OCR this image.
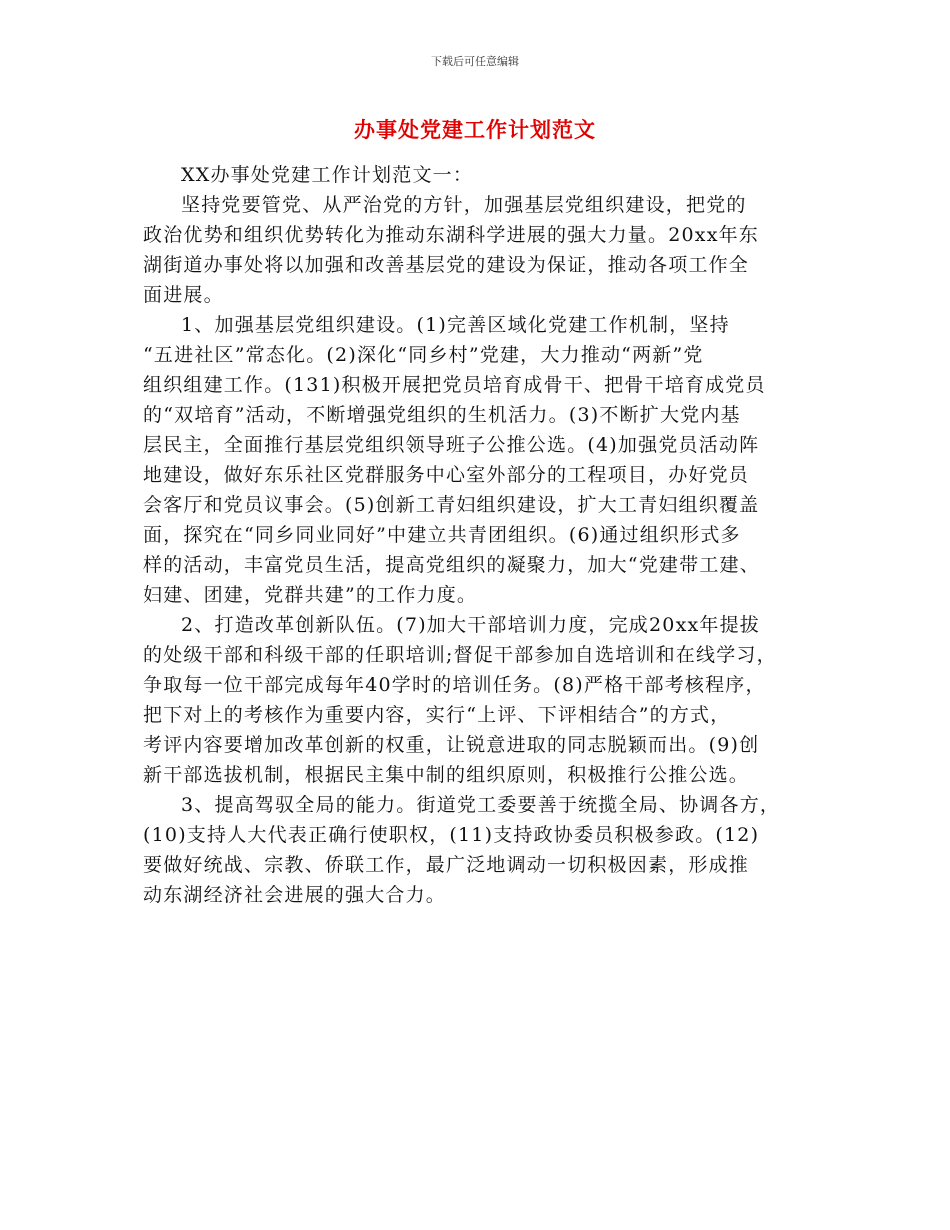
下载后可任意编辑
办事处党建工作计划范文
XX办事处党建工作计划范文一：
坚持党要管党、从严治党的方针，加强基层党组织建设，把党的
政治优势和组织优势转化为推动东湖科学进展的强大力量。20xx年东
湖街道办事处将以加强和改善基层党的建设为保证，推动各项工作全
面进展。
1、加强基层党组织建设。(1)完善区域化党建工作机制，坚持
“五进社区”常态化。(2)深化“同乡村”党建，大力推动“两新”党
组织组建工作。(131)积极开展把党员培育成骨干、把骨干培育成党员
的“双培育”活动，不断增强党组织的生机活力。(3)不断扩大党内基
层民主，全面推行基层党组织领导班子公推公选。(4)加强党员活动阵
地建设，做好东乐社区党群服务中心室外部分的工程项目，办好党员
会客厅和党员议事会。(5)创新工青妇组织建设，扩大工青妇组织覆盖
面，探究在“同乡同业同好”中建立共青团组织。(6)通过组织形式多
样的活动，丰富党员生活，提高党组织的凝聚力，加大“党建带工建、
妇建、团建，党群共建”的工作力度。
2、打造改革创新队伍。(7)加大干部培训力度，完成20xx年提拔
的处级干部和科级干部的任职培训;督促干部参加自选培训和在线学习，
争取每一位干部完成每年40学时的培训任务。(8)严格干部考核程序，
把下对上的考核作为重要内容，实行“上评、下评相结合”的方式，
考评内容要增加改革创新的权重，让锐意进取的同志脱颖而出。(9)创
新干部选拔机制，根据民主集中制的组织原则，积极推行公推公选。
3、提高驾驭全局的能力。街道党工委要善于统揽全局、协调各方，
(10)支持人大代表正确行使职权，(11)支持政协委员积极参政。(12)
要做好统战、宗教、侨联工作，最广泛地调动一切积极因素，形成推
动东湖经济社会进展的强大合力。
